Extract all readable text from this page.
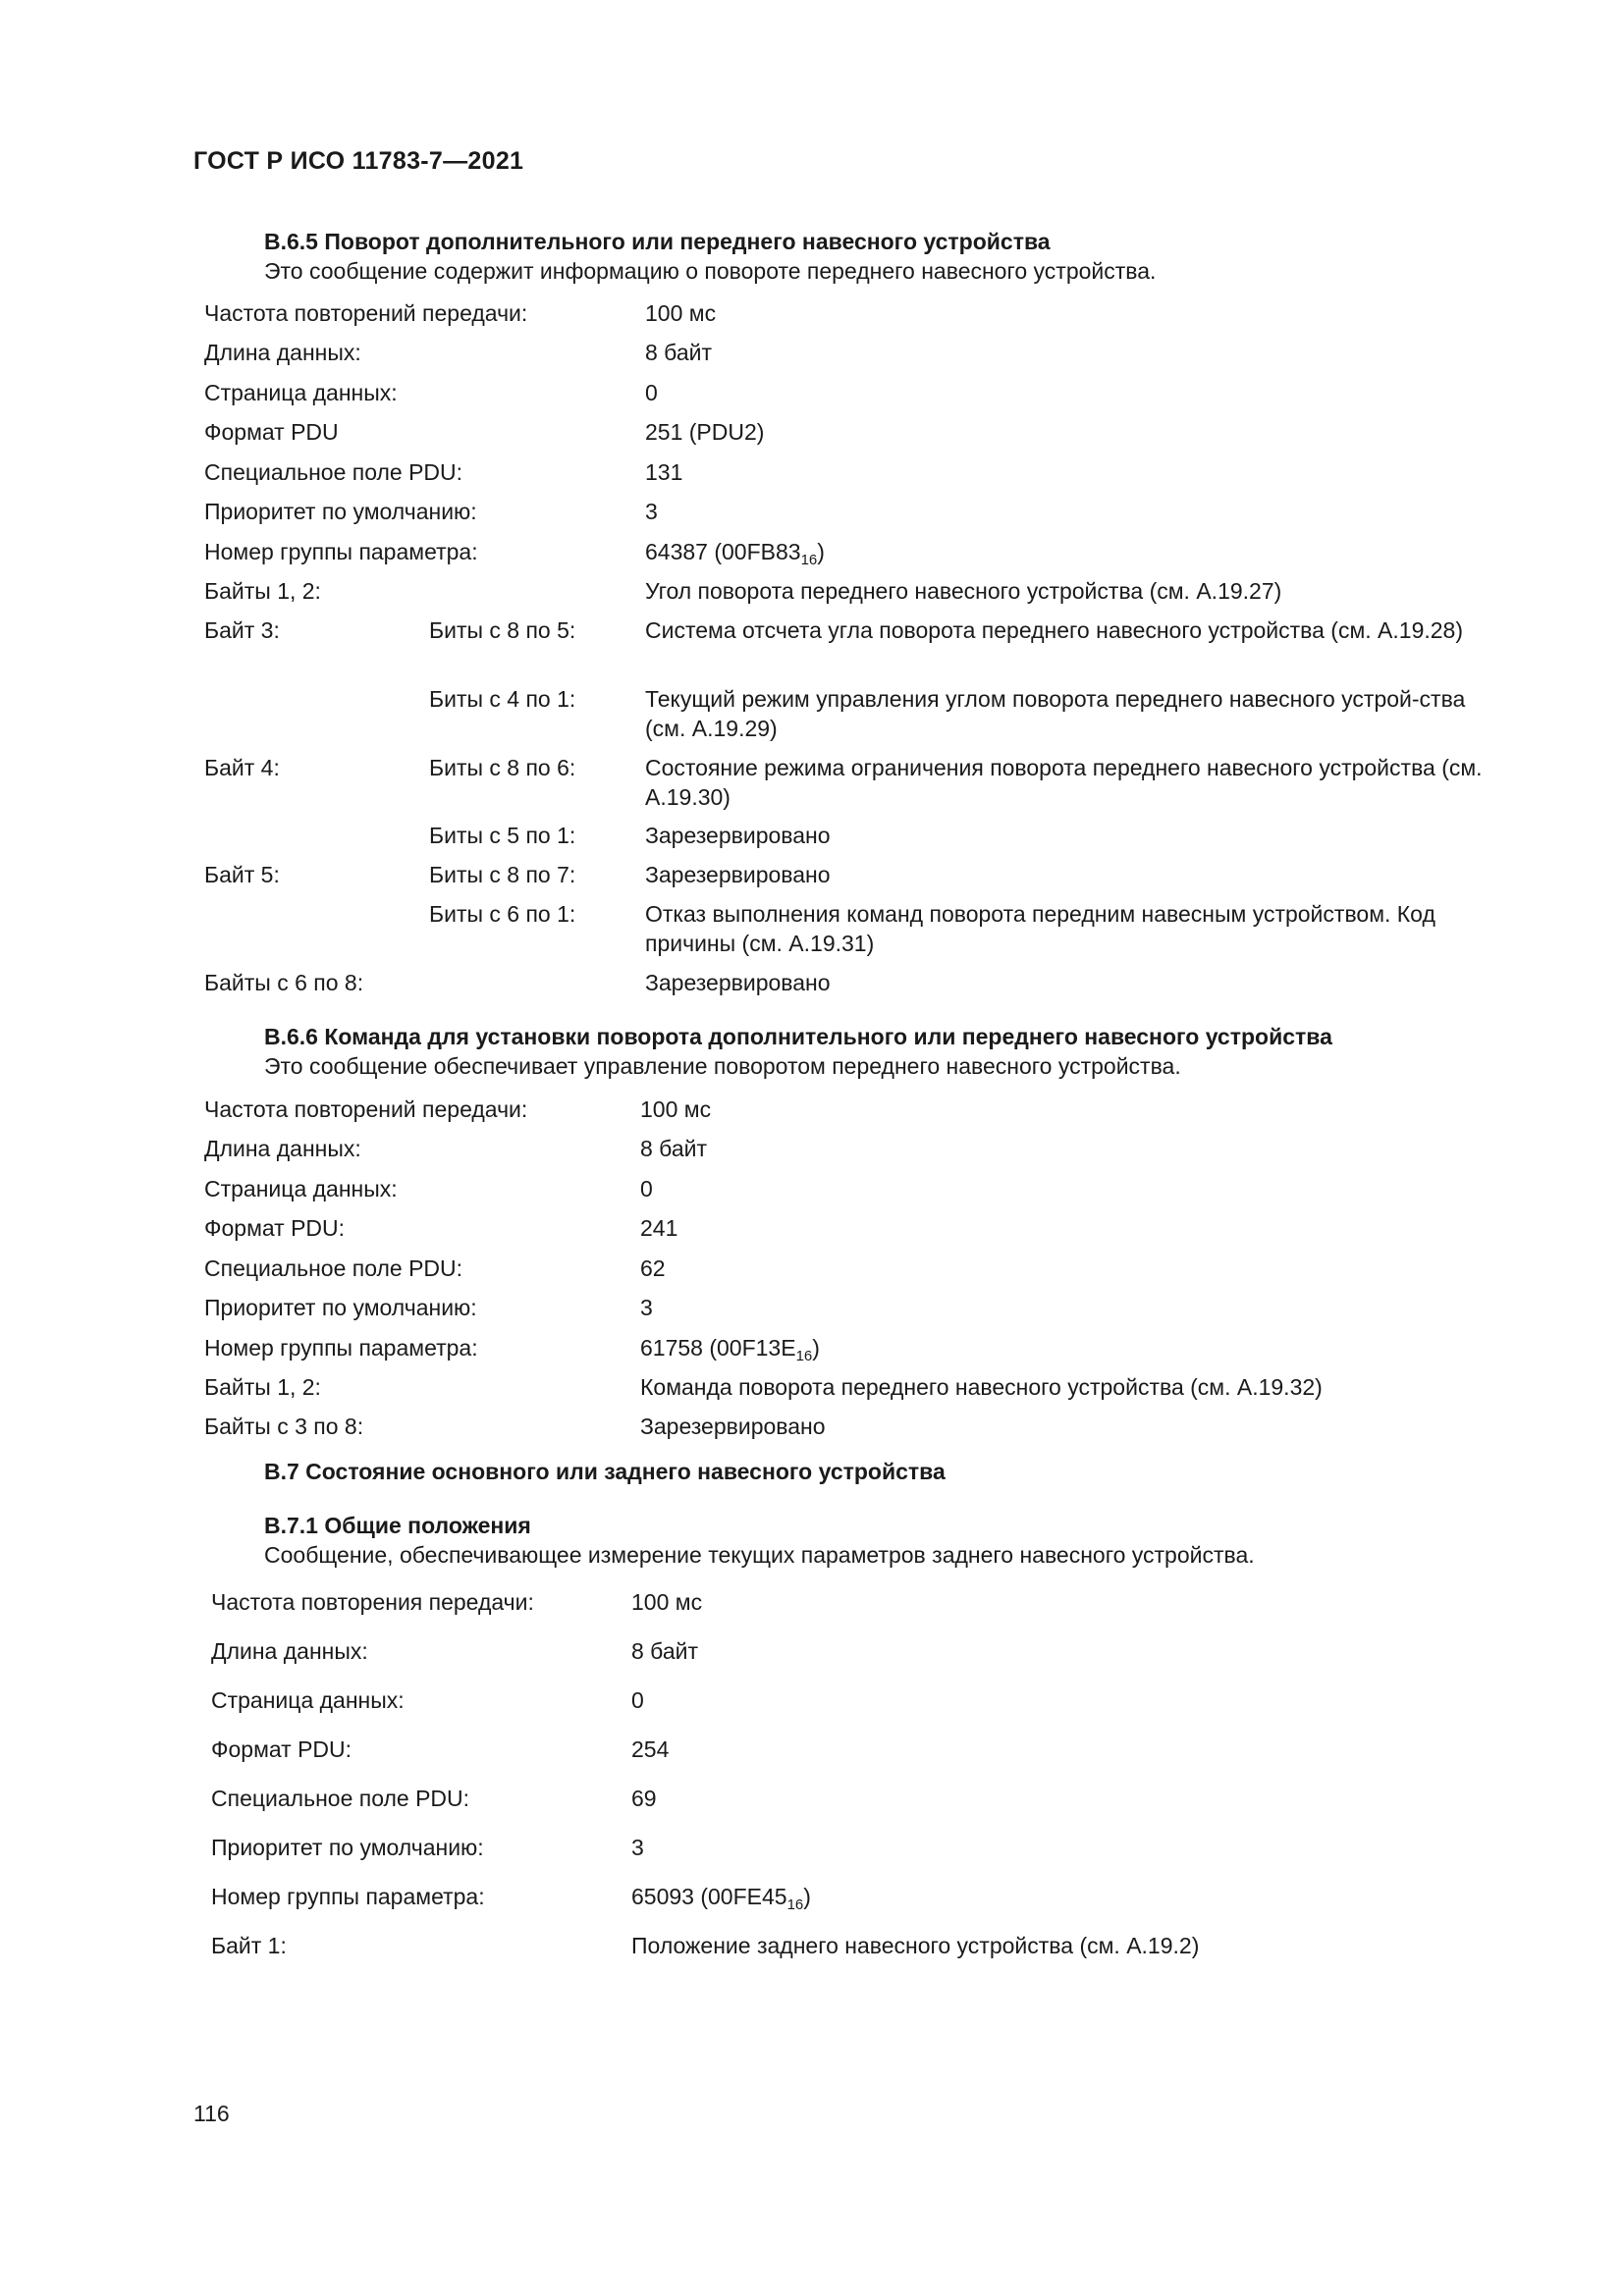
ГОСТ Р ИСО 11783-7—2021
B.6.5 Поворот дополнительного или переднего навесного устройства
Это сообщение содержит информацию о повороте переднего навесного устройства.
Частота повторений передачи:	100 мс
Длина данных:	8 байт
Страница данных:	0
Формат PDU	251 (PDU2)
Специальное поле PDU:	131
Приоритет по умолчанию:	3
Номер группы параметра:	64387 $(00FB83_{16})$
Байты 1, 2:	Угол поворота переднего навесного устройства (см. A.19.27)
Байт 3:	Биты с 8 по 5:	Система отсчета угла поворота переднего навесного устройства (см. A.19.28)
Биты с 4 по 1:	Текущий режим управления углом поворота переднего навесного устрой-ства (см. A.19.29)
Байт 4:	Биты с 8 по 6:	Состояние режима ограничения поворота переднего навесного устройства (см. A.19.30)
Биты с 5 по 1:	Зарезервировано
Байт 5:	Биты с 8 по 7:	Зарезервировано
Биты с 6 по 1:	Отказ выполнения команд поворота передним навесным устройством. Код причины (см. A.19.31)
Байты с 6 по 8:	Зарезервировано
B.6.6 Команда для установки поворота дополнительного или переднего навесного устройства
Это сообщение обеспечивает управление поворотом переднего навесного устройства.
Частота повторений передачи:	100 мс
Длина данных:	8 байт
Страница данных:	0
Формат PDU:	241
Специальное поле PDU:	62
Приоритет по умолчанию:	3
Номер группы параметра:	61758 $(00F13E_{16})$
Байты 1, 2:	Команда поворота переднего навесного устройства (см. A.19.32)
Байты с 3 по 8:	Зарезервировано
B.7 Состояние основного или заднего навесного устройства
B.7.1 Общие положения
Сообщение, обеспечивающее измерение текущих параметров заднего навесного устройства.
Частота повторения передачи:	100 мс
Длина данных:	8 байт
Страница данных:	0
Формат PDU:	254
Специальное поле PDU:	69
Приоритет по умолчанию:	3
Номер группы параметра:	65093 $(00FE45_{16})$
Байт 1:	Положение заднего навесного устройства (см. A.19.2)
116
